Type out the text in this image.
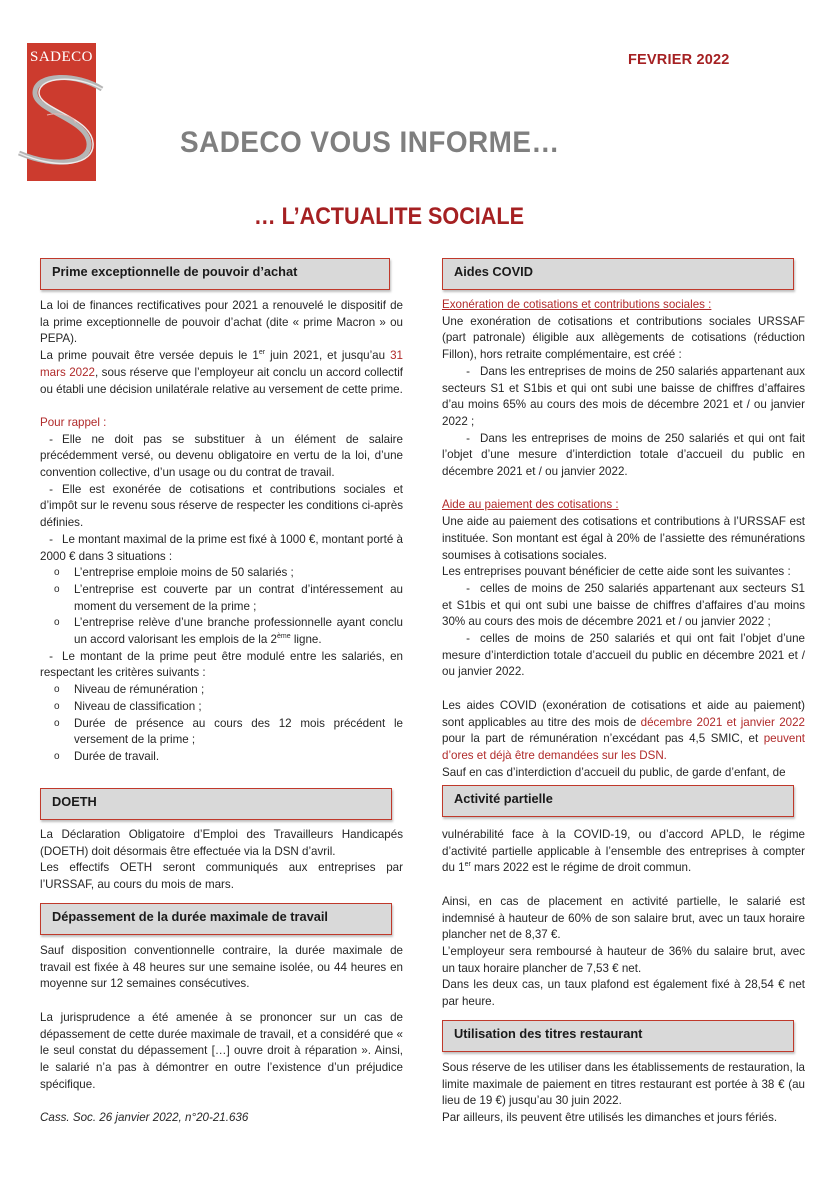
SADECO	FEVRIER 2022
SADECO VOUS INFORME…
… L’ACTUALITE SOCIALE
Prime exceptionnelle de pouvoir d’achat

La loi de finances rectificatives pour 2021 a renouvelé le dispositif de la prime exceptionnelle de pouvoir d’achat (dite « prime Macron » ou PEPA).

La prime pouvait être versée depuis le 1er juin 2021, et jusqu’au 31 mars 2022, sous réserve que l’employeur ait conclu un accord collectif ou établi une décision unilatérale relative au versement de cette prime.

Pour rappel :

- Elle ne doit pas se substituer à un élément de salaire précédemment versé, ou devenu obligatoire en vertu de la loi, d’une convention collective, d’un usage ou du contrat de travail.

- Elle est exonérée de cotisations et contributions sociales et d’impôt sur le revenu sous réserve de respecter les conditions ci-après définies.

- Le montant maximal de la prime est fixé à 1000 €, montant porté à 2000 € dans 3 situations :

o	L’entreprise emploie moins de 50 salariés ;
o	L’entreprise est couverte par un contrat d’intéressement au moment du versement de la prime ;
o	L’entreprise relève d’une branche professionnelle ayant conclu un accord valorisant les emplois de la 2ème ligne.

- Le montant de la prime peut être modulé entre les salariés, en respectant les critères suivants :

o	Niveau de rémunération ;
o	Niveau de classification ;
o	Durée de présence au cours des 12 mois précédent le versement de la prime ;
o	Durée de travail.
DOETH

La Déclaration Obligatoire d’Emploi des Travailleurs Handicapés (DOETH) doit désormais être effectuée via la DSN d’avril.

Les effectifs OETH seront communiqués aux entreprises par l’URSSAF, au cours du mois de mars.

Dépassement de la durée maximale de travail

Sauf disposition conventionnelle contraire, la durée maximale de travail est fixée à 48 heures sur une semaine isolée, ou 44 heures en moyenne sur 12 semaines consécutives.

La jurisprudence a été amenée à se prononcer sur un cas de dépassement de cette durée maximale de travail, et a considéré que « le seul constat du dépassement […] ouvre droit à réparation ». Ainsi, le salarié n’a pas à démontrer en outre l’existence d’un préjudice spécifique.

Cass. Soc. 26 janvier 2022, n°20-21.636

Aides COVID

Exonération de cotisations et contributions sociales :

Une exonération de cotisations et contributions sociales URSSAF (part patronale) éligible aux allègements de cotisations (réduction Fillon), hors retraite complémentaire, est créé :

- Dans les entreprises de moins de 250 salariés appartenant aux secteurs S1 et S1bis et qui ont subi une baisse de chiffres d’affaires d’au moins 65% au cours des mois de décembre 2021 et / ou janvier 2022 ;

- Dans les entreprises de moins de 250 salariés et qui ont fait l’objet d’une mesure d’interdiction totale d’accueil du public en décembre 2021 et / ou janvier 2022.

Aide au paiement des cotisations :

Une aide au paiement des cotisations et contributions à l’URSSAF est instituée. Son montant est égal à 20% de l’assiette des rémunérations soumises à cotisations sociales.

Les entreprises pouvant bénéficier de cette aide sont les suivantes :

- celles de moins de 250 salariés appartenant aux secteurs S1 et S1bis et qui ont subi une baisse de chiffres d’affaires d’au moins 30% au cours des mois de décembre 2021 et / ou janvier 2022 ;

- celles de moins de 250 salariés et qui ont fait l’objet d’une mesure d’interdiction totale d’accueil du public en décembre 2021 et / ou janvier 2022.

Les aides COVID (exonération de cotisations et aide au paiement) sont applicables au titre des mois de décembre 2021 et janvier 2022 pour la part de rémunération n’excédant pas 4,5 SMIC, et peuvent d’ores et déjà être demandées sur les DSN.

Sauf en cas d’interdiction d’accueil du public, de garde d’enfant, de

Activité partielle

vulnérabilité face à la COVID-19, ou d’accord APLD, le régime d’activité partielle applicable à l’ensemble des entreprises à compter du 1er mars 2022 est le régime de droit commun.

Ainsi, en cas de placement en activité partielle, le salarié est indemnisé à hauteur de 60% de son salaire brut, avec un taux horaire plancher net de 8,37 €.

L’employeur sera remboursé à hauteur de 36% du salaire brut, avec un taux horaire plancher de 7,53 € net.

Dans les deux cas, un taux plafond est également fixé à 28,54 € net par heure.

Utilisation des titres restaurant

Sous réserve de les utiliser dans les établissements de restauration, la limite maximale de paiement en titres restaurant est portée à 38 € (au lieu de 19 €) jusqu’au 30 juin 2022.

Par ailleurs, ils peuvent être utilisés les dimanches et jours fériés.
